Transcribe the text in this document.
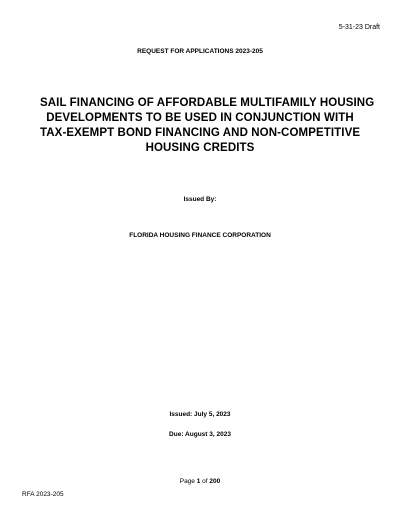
5-31-23 Draft
REQUEST FOR APPLICATIONS 2023-205
SAIL FINANCING OF AFFORDABLE MULTIFAMILY HOUSING
DEVELOPMENTS TO BE USED IN CONJUNCTION WITH
TAX-EXEMPT BOND FINANCING AND NON-COMPETITIVE
HOUSING CREDITS
Issued By:
FLORIDA HOUSING FINANCE CORPORATION
Issued: July 5, 2023
Due: August 3, 2023
Page 1 of 200
RFA 2023-205
